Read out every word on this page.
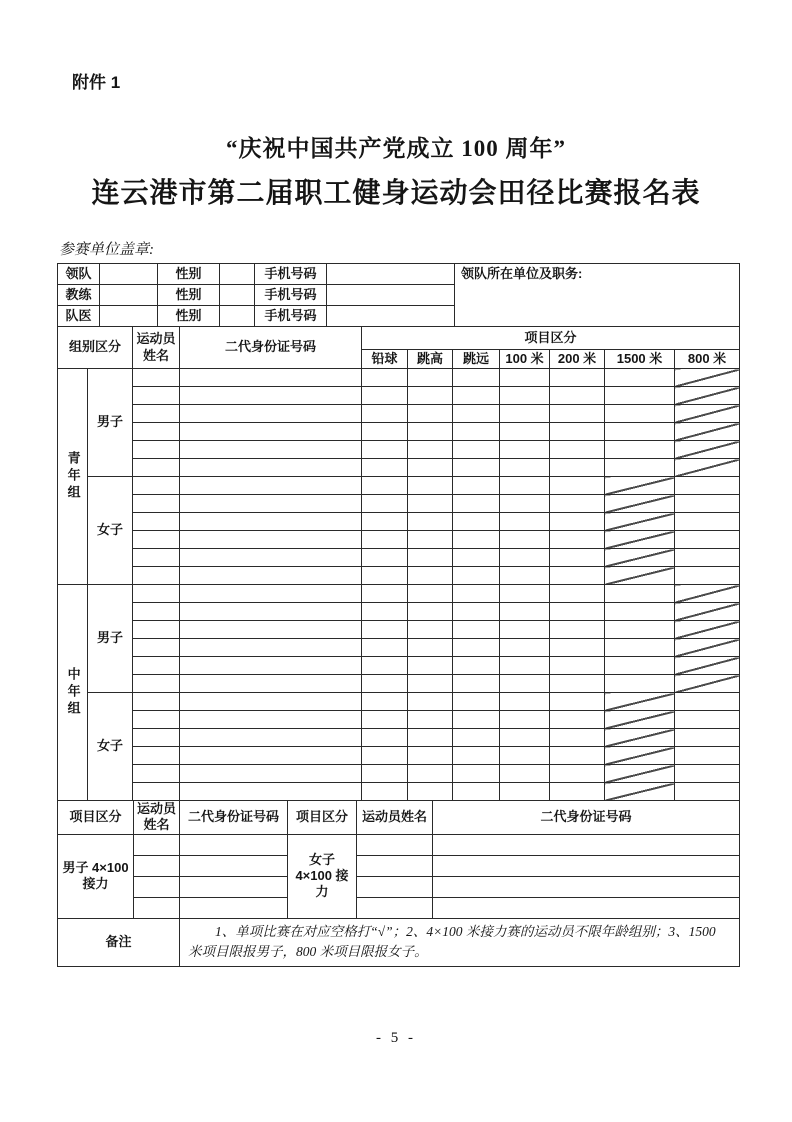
附件 1
“庆祝中国共产党成立 100 周年”
连云港市第二届职工健身运动会田径比赛报名表
参赛单位盖章:
领队		性别		手机号码		领队所在单位及职务:
教练		性别		手机号码		
队医		性别		手机号码		
组别区分		运动员姓名	二代身份证号码	项目区分						
				铅球	跳高	跳远	100 米	200 米	1500 米	800 米
青年组	男子									

	女子									

中年组	男子									

	女子									

项目区分	运动员姓名	二代身份证号码	项目区分	运动员姓名	二代身份证号码
男子 4×100 接力			女子 4×100 接力		

备注	1、单项比赛在对应空格打“√”；2、4×100 米接力赛的运动员不限年龄组别；3、1500 米项目限报男子，800 米项目限报女子。
- 5 -
